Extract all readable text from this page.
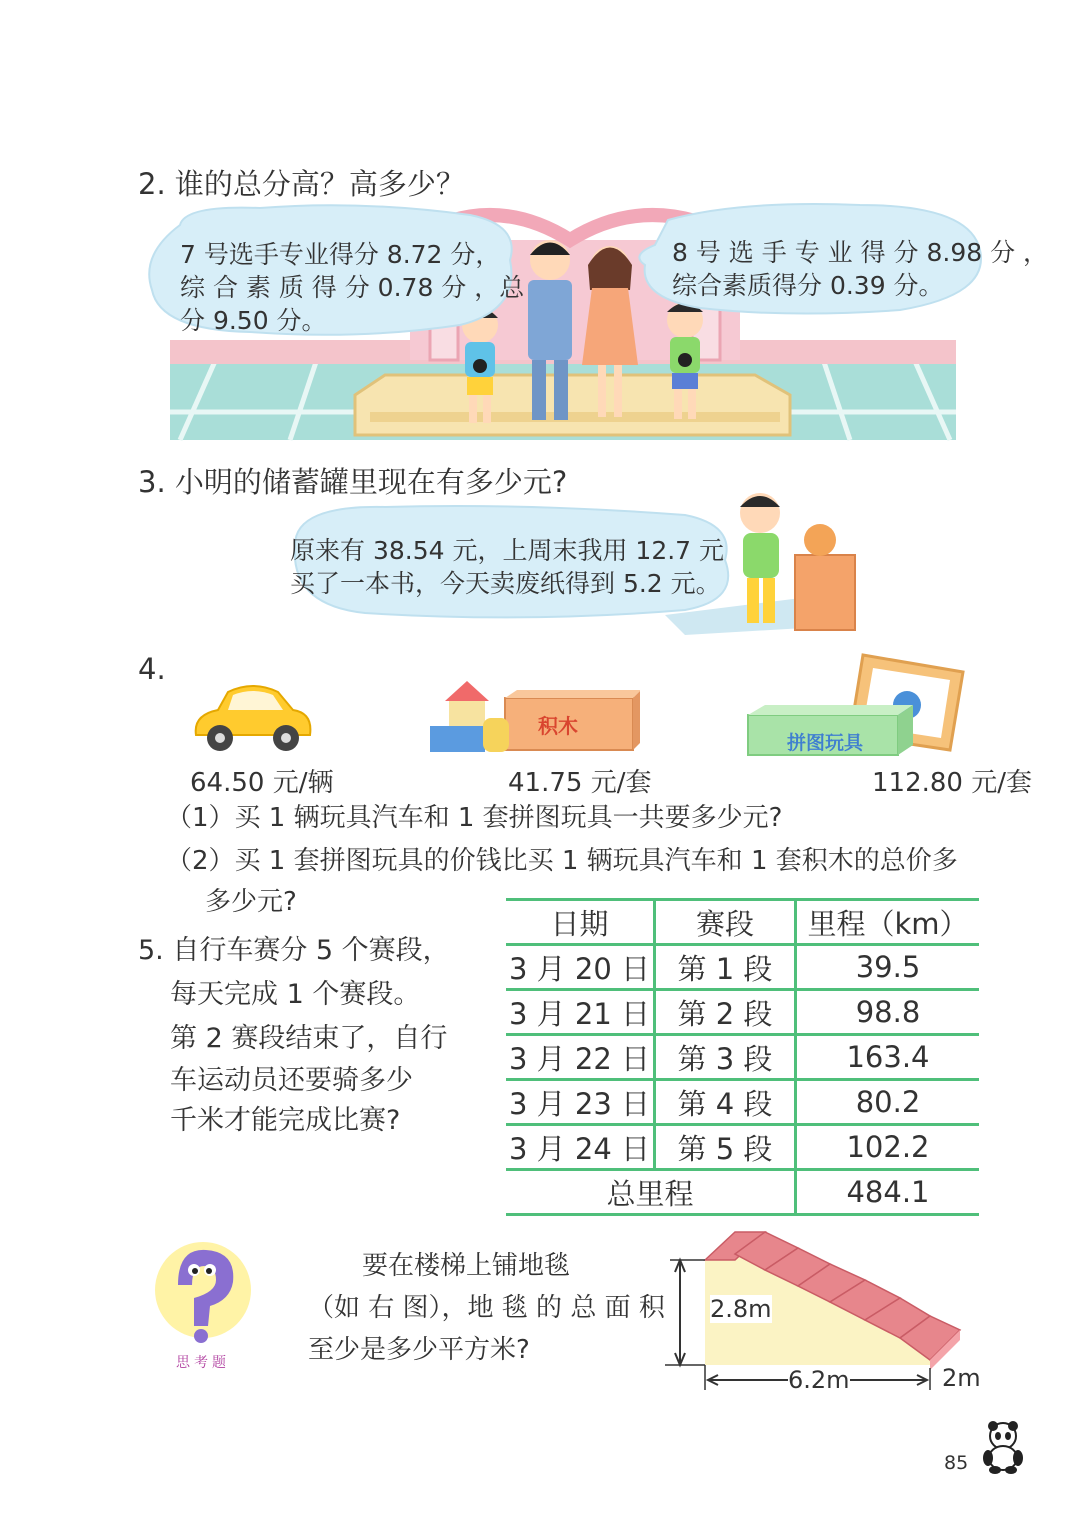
2. 谁的总分高？高多少？
7 号选手专业得分 8.72 分，
综 合 素 质 得 分 0.78 分 ，总
分 9.50 分。
8 号 选 手 专 业 得 分 8.98 分 ，
综合素质得分 0.39 分。
3. 小明的储蓄罐里现在有多少元?
原来有 38.54 元，上周末我用 12.7 元
买了一本书，今天卖废纸得到 5.2 元。
4.
64.50 元/辆
积木
41.75 元/套
拼图玩具
112.80 元/套
（1）买 1 辆玩具汽车和 1 套拼图玩具一共要多少元?
（2）买 1 套拼图玩具的价钱比买 1 辆玩具汽车和 1 套积木的总价多
多少元?
5. 自行车赛分 5 个赛段，
每天完成 1 个赛段。
第 2 赛段结束了，自行
车运动员还要骑多少
千米才能完成比赛?
日期	赛段	里程（km）
3 月 20 日	第 1 段	39.5
3 月 21 日	第 2 段	98.8
3 月 22 日	第 3 段	163.4
3 月 23 日	第 4 段	80.2
3 月 24 日	第 5 段	102.2
总里程		484.1
思考题
要在楼梯上铺地毯
（如 右 图），地 毯 的 总 面 积
至少是多少平方米?
2.8m
6.2m	2m
85
